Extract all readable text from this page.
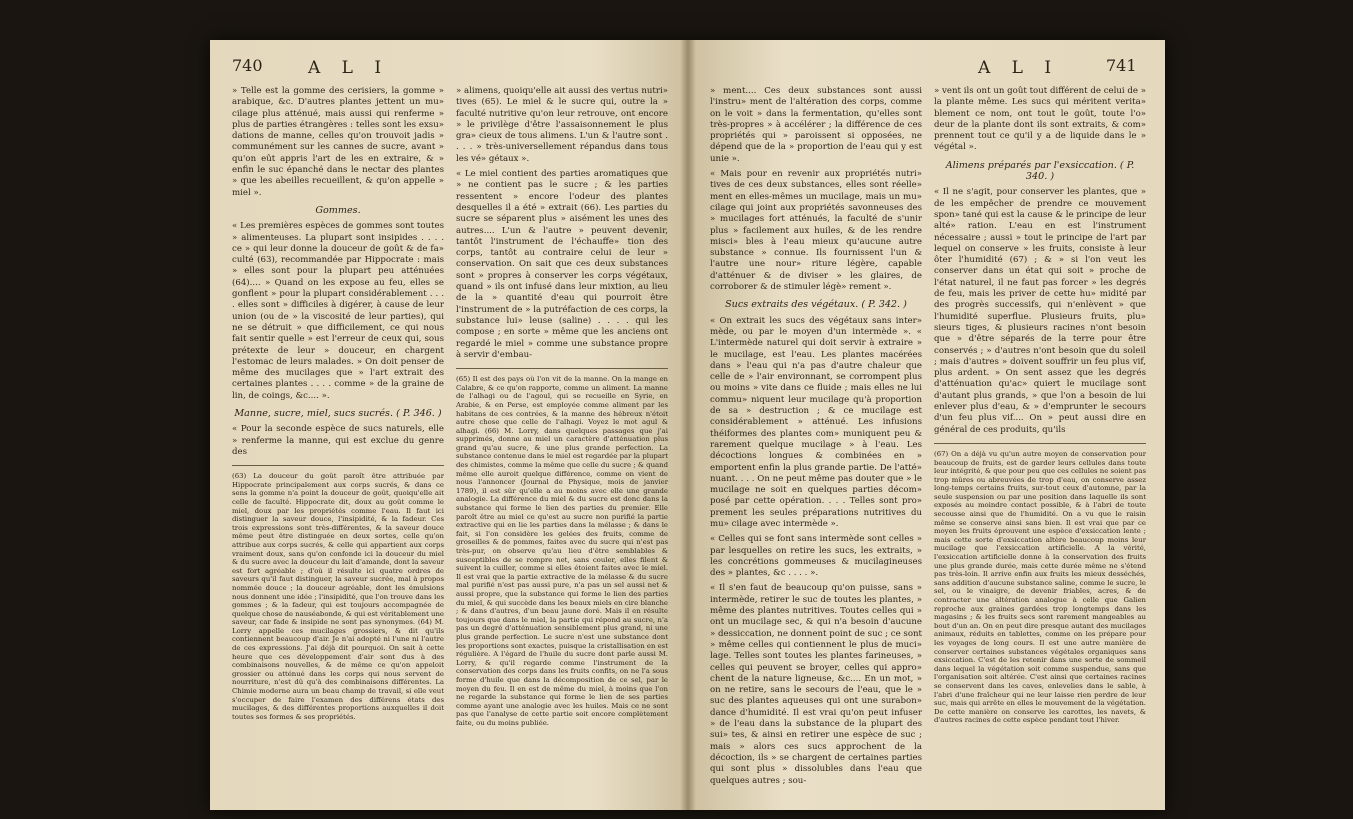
740	A L I

» Telle est la gomme des cerisiers, la gomme » arabique, &c. D'autres plantes jettent un mu» cilage plus atténué, mais aussi qui renferme » plus de parties étrangères : telles sont les exsu» dations de manne, celles qu'on trouvoit jadis » communément sur les cannes de sucre, avant » qu'on eût appris l'art de les en extraire, & » enfin le suc épanché dans le nectar des plantes » que les abeilles recueillent, & qu'on appelle » miel ».

Gommes.

« Les premières espèces de gommes sont toutes » alimenteuses. La plupart sont insipides . . . . ce » qui leur donne la douceur de goût & de fa» culté (63), recommandée par Hippocrate : mais » elles sont pour la plupart peu atténuées (64).... » Quand on les expose au feu, elles se gonflent » pour la plupart considérablement . . . . elles sont » difficiles à digérer, à cause de leur union (ou de » la viscosité de leur parties), qui ne se détruit » que difficilement, ce qui nous fait sentir quelle » est l'erreur de ceux qui, sous prétexte de leur » douceur, en chargent l'estomac de leurs malades. » On doit penser de même des mucilages que » l'art extrait des certaines plantes . . . . comme » de la graine de lin, de coings, &c.... ».

Manne, sucre, miel, sucs sucrés. ( P. 346. )

« Pour la seconde espèce de sucs naturels, elle » renferme la manne, qui est exclue du genre des

(63) La douceur du goût paroît être attribuée par Hippocrate principalement aux corps sucrés, & dans ce sens la gomme n'a point la douceur de goût, quoiqu'elle ait celle de faculté. Hippocrate dit, doux au goût comme le miel, doux par les propriétés comme l'eau. Il faut ici distinguer la saveur douce, l'insipidité, & la fadeur. Ces trois expressions sont très-différentes, & la saveur douce même peut être distinguée en deux sortes, celle qu'on attribue aux corps sucrés, & celle qui appartient aux corps vraiment doux, sans qu'on confonde ici la douceur du miel & du sucre avec la douceur du lait d'amande, dont la saveur est fort agréable ; d'où il résulte ici quatre ordres de saveurs qu'il faut distinguer, la saveur sucrée, mal à propos nommée douce ; la douceur agréable, dont les émulsions nous donnent une idée ; l'insipidité, que l'on trouve dans les gommes ; & la fadeur, qui est toujours accompagnée de quelque chose de nauséabonde, & qui est véritablement une saveur, car fade & insipide ne sont pas synonymes. (64) M. Lorry appelle ces mucilages grossiers, & dit qu'ils contiennent beaucoup d'air. Je n'ai adopté ni l'une ni l'autre de ces expressions. J'ai déjà dit pourquoi. On sait à cette heure que ces développement d'air sont dus à des combinaisons nouvelles, & de même ce qu'on appeloit grossier ou atténué dans les corps qui nous servent de nourriture, n'est dû qu'à des combinaisons différentes. La Chimie moderne aura un beau champ de travail, si elle veut s'occuper de faire l'examen des différens états des mucilages, & des différentes proportions auxquelles il doit toutes ses formes & ses propriétés.

» alimens, quoiqu'elle ait aussi des vertus nutri» tives (65). Le miel & le sucre qui, outre la » faculté nutritive qu'on leur retrouve, ont encore » le privilège d'être l'assaisonnement le plus gra» cieux de tous alimens. L'un & l'autre sont . . . . » très-universellement répandus dans tous les vé» gétaux ».

« Le miel contient des parties aromatiques que » ne contient pas le sucre ; & les parties ressentent » encore l'odeur des plantes desquelles il a été » extrait (66). Les parties du sucre se séparent plus » aisément les unes des autres.... L'un & l'autre » peuvent devenir, tantôt l'instrument de l'échauffe» tion des corps, tantôt au contraire celui de leur » conservation. On sait que ces deux substances sont » propres à conserver les corps végétaux, quand » ils ont infusé dans leur mixtion, au lieu de la » quantité d'eau qui pourroit être l'instrument de » la putréfaction de ces corps, la substance lui» leuse (saline) . . . . qui les compose ; en sorte » même que les anciens ont regardé le miel » comme une substance propre à servir d'embau-

(65) Il est des pays où l'on vit de la manne. On la mange en Calabre, & ce qu'on rapporte, comme un aliment. La manne de l'alhagi ou de l'agoul, qui se recueille en Syrie, en Arabie, & en Perse, est employée comme aliment par les habitans de ces contrées, & la manne des hébreux n'étoit autre chose que celle de l'alhagi. Voyez le mot agul & alhagi. (66) M. Lorry, dans quelques passages que j'ai supprimés, donne au miel un caractère d'atténuation plus grand qu'au sucre, & une plus grande perfection. La substance contenue dans le miel est regardée par la plupart des chimistes, comme la même que celle du sucre ; & quand même elle auroit quelque différence, comme on vient de nous l'annoncer (Journal de Physique, mois de janvier 1789), il est sûr qu'elle a au moins avec elle une grande analogie. La différence du miel & du sucre est donc dans la substance qui forme le lien des parties du premier. Elle paroît être au miel ce qu'est au sucre non purifié la partie extractive qui en lie les parties dans la mélasse ; & dans le fait, si l'on considère les gelées des fruits, comme de groseilles & de pommes, faites avec du sucre qui n'est pas très-pur, on observe qu'au lieu d'être semblables & susceptibles de se rompre net, sans couler, elles filent & suivent la cuiller, comme si elles étoient faites avec le miel. Il est vrai que la partie extractive de la mélasse & du sucre mal purifié n'est pas aussi pure, n'a pas un sel aussi net & aussi propre, que la substance qui forme le lien des parties du miel, & qui succède dans les beaux miels en cire blanche ; & dans d'autres, d'un beau jaune doré. Mais il en résulte toujours que dans le miel, la partie qui répond au sucre, n'a pas un degré d'atténuation sensiblement plus grand, ni une plus grande perfection. Le sucre n'est une substance dont les proportions sont exactes, puisque la cristallisation en est régulière. A l'égard de l'huile du sucre dont parle aussi M. Lorry, & qu'il regarde comme l'instrument de la conservation des corps dans les fruits confits, on ne l'a sous forme d'huile que dans la décomposition de ce sel, par le moyen du feu. Il en est de même du miel, à moins que l'on ne regarde la substance qui forme le lien de ses parties comme ayant une analogie avec les huiles. Mais ce ne sont pas que l'analyse de cette partie soit encore complètement faite, ou du moins publiée.

A L I	741

» ment.... Ces deux substances sont aussi l'instru» ment de l'altération des corps, comme on le voit » dans la fermentation, qu'elles sont très-propres » à accélérer ; la différence de ces propriétés qui » paroissent si opposées, ne dépend que de la » proportion de l'eau qui y est unie ».

« Mais pour en revenir aux propriétés nutri» tives de ces deux substances, elles sont réelle» ment en elles-mêmes un mucilage, mais un mu» cilage qui joint aux propriétés savonneuses des » mucilages fort atténués, la faculté de s'unir plus » facilement aux huiles, & de les rendre misci» bles à l'eau mieux qu'aucune autre substance » connue. Ils fournissent l'un & l'autre une nour» riture légère, capable d'atténuer & de diviser » les glaires, de corroborer & de stimuler légè» rement ».

Sucs extraits des végétaux. ( P. 342. )

« On extrait les sucs des végétaux sans inter» mède, ou par le moyen d'un intermède ». « L'intermède naturel qui doit servir à extraire » le mucilage, est l'eau. Les plantes macérées dans » l'eau qui n'a pas d'autre chaleur que celle de » l'air environnant, se corrompent plus ou moins » vite dans ce fluide ; mais elles ne lui commu» niquent leur mucilage qu'à proportion de sa » destruction ; & ce mucilage est considérablement » atténué. Les infusions théiformes des plantes com» muniquent peu & rarement quelque mucilage » à l'eau. Les décoctions longues & combinées en » emportent enfin la plus grande partie. De l'atté» nuant. . . . On ne peut même pas douter que » le mucilage ne soit en quelques parties décom» posé par cette opération. . . . Telles sont pro» prement les seules préparations nutritives du mu» cilage avec intermède ».

« Celles qui se font sans intermède sont celles » par lesquelles on retire les sucs, les extraits, » les concrétions gommeuses & mucilagineuses des » plantes, &c . . . . ».

« Il s'en faut de beaucoup qu'on puisse, sans » intermède, retirer le suc de toutes les plantes, » même des plantes nutritives. Toutes celles qui » ont un mucilage sec, & qui n'a besoin d'aucune » dessiccation, ne donnent point de suc ; ce sont » même celles qui contiennent le plus de muci» lage. Telles sont toutes les plantes farineuses, » celles qui peuvent se broyer, celles qui appro» chent de la nature ligneuse, &c.... En un mot, » on ne retire, sans le secours de l'eau, que le » suc des plantes aqueuses qui ont une surabon» dance d'humidité. Il est vrai qu'on peut infuser » de l'eau dans la substance de la plupart des sui» tes, & ainsi en retirer une espèce de suc ; mais » alors ces sucs approchent de la décoction, ils » se chargent de certaines parties qui sont plus » dissolubles dans l'eau que quelques autres ; sou-

» vent ils ont un goût tout différent de celui de » la plante même. Les sucs qui méritent verita» blement ce nom, ont tout le goût, toute l'o» deur de la plante dont ils sont extraits, & com» prennent tout ce qu'il y a de liquide dans le » végétal ».

Alimens préparés par l'exsiccation. ( P. 340. )

« Il ne s'agit, pour conserver les plantes, que » de les empêcher de prendre ce mouvement spon» tané qui est la cause & le principe de leur alté» ration. L'eau en est l'instrument nécessaire ; aussi » tout le principe de l'art par lequel on conserve » les fruits, consiste à leur ôter l'humidité (67) ; & » si l'on veut les conserver dans un état qui soit » proche de l'état naturel, il ne faut pas forcer » les degrés de feu, mais les priver de cette hu» midité par des progrès successifs, qui n'enlèvent » que l'humidité superflue. Plusieurs fruits, plu» sieurs tiges, & plusieurs racines n'ont besoin que » d'être séparés de la terre pour être conservés ; » d'autres n'ont besoin que du soleil ; mais d'autres » doivent souffrir un feu plus vif, plus ardent. » On sent assez que les degrés d'atténuation qu'ac» quiert le mucilage sont d'autant plus grands, » que l'on a besoin de lui enlever plus d'eau, & » d'emprunter le secours d'un feu plus vif.... On » peut aussi dire en général de ces produits, qu'ils

(67) On a déjà vu qu'un autre moyen de conservation pour beaucoup de fruits, est de garder leurs cellules dans toute leur intégrité, & que pour peu que ces cellules ne soient pas trop mûres ou abreuvées de trop d'eau, on conserve assez long-temps certains fruits, sur-tout ceux d'automne, par la seule suspension ou par une position dans laquelle ils sont exposés au moindre contact possible, & à l'abri de toute secousse ainsi que de l'humidité. On a vu que le raisin même se conserve ainsi sans bien. Il est vrai que par ce moyen les fruits éprouvent une espèce d'exsiccation lente ; mais cette sorte d'exsiccation altère beaucoup moins leur mucilage que l'exsiccation artificielle. A la vérité, l'exsiccation artificielle donne à la conservation des fruits une plus grande durée, mais cette durée même ne s'étend pas très-loin. Il arrive enfin aux fruits les mieux desséchés, sans addition d'aucune substance saline, comme le sucre, le sel, ou le vinaigre, de devenir friables, acres, & de contracter une altération analogue à celle que Galien reproche aux graines gardées trop longtemps dans les magasins ; & les fruits secs sont rarement mangeables au bout d'un an. On en peut dire presque autant des mucilages animaux, réduits en tablettes, comme on les prépare pour les voyages de long cours. Il est une autre manière de conserver certaines substances végétales organiques sans exsiccation. C'est de les retenir dans une sorte de sommeil dans lequel la végétation soit comme suspendue, sans que l'organisation soit altérée. C'est ainsi que certaines racines se conservent dans les caves, enlevelies dans le sable, à l'abri d'une fraîcheur qui ne leur laisse rien perdre de leur suc, mais qui arrête en elles le mouvement de la végétation. De cette manière on conserve les carottes, les navets, & d'autres racines de cette espèce pendant tout l'hiver.
